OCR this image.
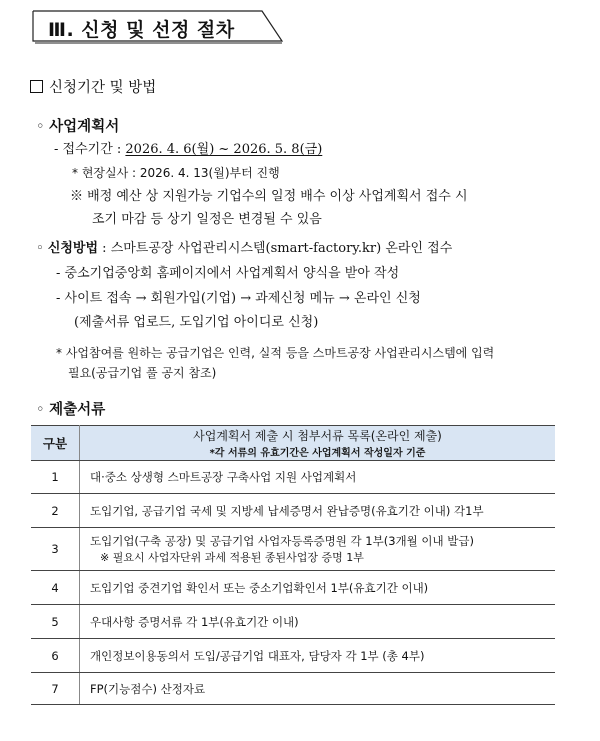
Ⅲ. 신청 및 선정 절차
신청기간 및 방법
◦ 사업계획서
- 접수기간 : 2026. 4. 6(월) ~ 2026. 5. 8(금)
* 현장실사 : 2026. 4. 13(월)부터 진행
※ 배정 예산 상 지원가능 기업수의 일정 배수 이상 사업계획서 접수 시
조기 마감 등 상기 일정은 변경될 수 있음
◦ 신청방법 : 스마트공장 사업관리시스템(smart-factory.kr) 온라인 접수
- 중소기업중앙회 홈페이지에서 사업계획서 양식을 받아 작성
- 사이트 접속 → 회원가입(기업) → 과제신청 메뉴 → 온라인 신청
(제출서류 업로드, 도입기업 아이디로 신청)
* 사업참여를 원하는 공급기업은 인력, 실적 등을 스마트공장 사업관리시스템에 입력
필요(공급기업 풀 공지 참조)
◦ 제출서류
구분	사업계획서 제출 시 첨부서류 목록(온라인 제출)
*각 서류의 유효기간은 사업계획서 작성일자 기준

1	대·중소 상생형 스마트공장 구축사업 지원 사업계획서
2	도입기업, 공급기업 국세 및 지방세 납세증명서 완납증명(유효기간 이내) 각1부
3	도입기업(구축 공장) 및 공급기업 사업자등록증명원 각 1부(3개월 이내 발급)
※ 필요시 사업자단위 과세 적용된 종된사업장 증명 1부

4	도입기업 중견기업 확인서 또는 중소기업확인서 1부(유효기간 이내)
5	우대사항 증명서류 각 1부(유효기간 이내)
6	개인정보이용동의서 도입/공급기업 대표자, 담당자 각 1부 (총 4부)
7	FP(기능점수) 산정자료
